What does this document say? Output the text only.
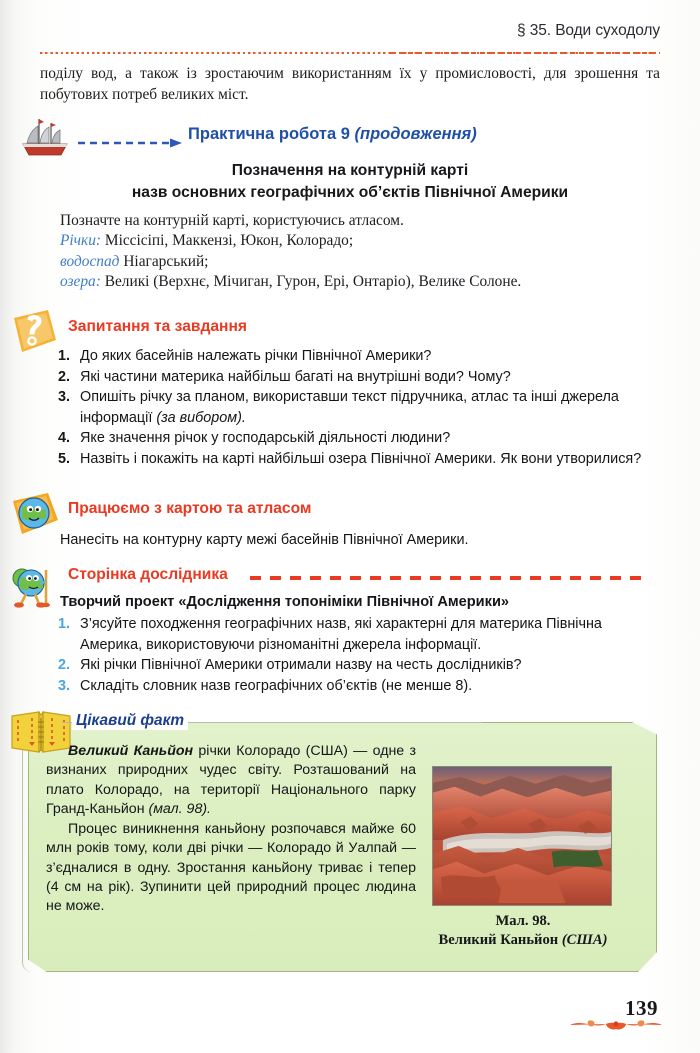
§ 35. Води суходолу
поділу вод, а також із зростаючим використанням їх у промисловості, для зрошення та побутових потреб великих міст.
Практична робота 9 (продовження)
Позначення на контурній карті
назв основних географічних об’єктів Північної Америки
Позначте на контурній карті, користуючись атласом.
Річки: Міссісіпі, Маккензі, Юкон, Колорадо;
водоспад Ніагарський;
озера: Великі (Верхнє, Мічиган, Гурон, Ері, Онтаріо), Велике Солоне.
Запитання та завдання
1. До яких басейнів належать річки Північної Америки?
2. Які частини материка найбільш багаті на внутрішні води? Чому?
3. Опишіть річку за планом, використавши текст підручника, атлас та інші джерела інформації (за вибором).
4. Яке значення річок у господарській діяльності людини?
5. Назвіть і покажіть на карті найбільші озера Північної Америки. Як вони утворилися?
Працюємо з картою та атласом
Нанесіть на контурну карту межі басейнів Північної Америки.
Сторінка дослідника
Творчий проект «Дослідження топоніміки Північної Америки»
1. З’ясуйте походження географічних назв, які характерні для материка Північна Америка, використовуючи різноманітні джерела інформації.
2. Які річки Північної Америки отримали назву на честь дослідників?
3. Складіть словник назв географічних об’єктів (не менше 8).
Цікавий факт

Великий Каньйон річки Колорадо (США) — одне з визнаних природних чудес світу. Розташований на плато Колорадо, на території Національного парку Гранд-Каньйон (мал. 98).

Процес виникнення каньйону розпочався майже 60 млн років тому, коли дві річки — Колорадо й Уалпай — з’єдналися в одну. Зростання каньйону триває і тепер (4 см на рік). Зупинити цей природний процес людина не може.

Мал. 98.
Великий Каньйон (США)
139
